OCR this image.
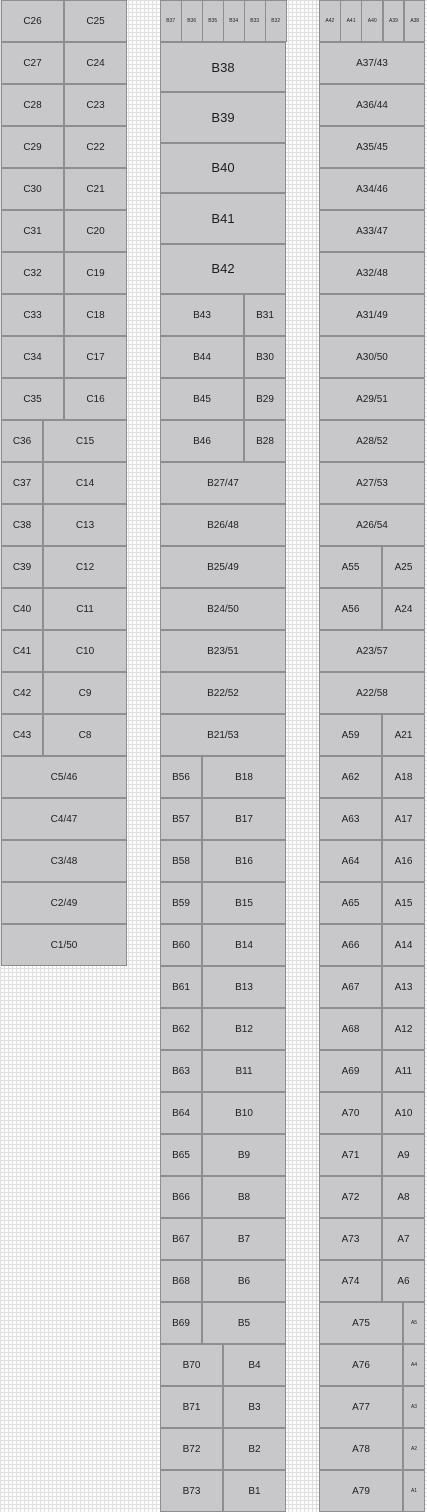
C26	C25
C27	C24
C28	C23
C29	C22
C30	C21
C31	C20
C32	C19
C33	C18
C34	C17
C35	C16
C36	C15
C37	C14
C38	C13
C39	C12
C40	C11
C41	C10
C42	C9
C43	C8
C5/46
C4/47
C3/48
C2/49
C1/50
B37	B36	B35	B34	B33	B32
B38
B39
B40
B41
B42
B43	B31
B44	B30
B45	B29
B46	B28
B27/47
B26/48
B25/49
B24/50
B23/51
B22/52
B21/53
B56	B18
B57	B17
B58	B16
B59	B15
B60	B14
B61	B13
B62	B12
B63	B11
B64	B10
B65	B9
B66	B8
B67	B7
B68	B6
B69	B5
B70	B4
B71	B3
B72	B2
B73	B1
A42	A41	A40	A39	A38
A37/43
A36/44
A35/45
A34/46
A33/47
A32/48
A31/49
A30/50
A29/51
A28/52
A27/53
A26/54
A55	A25
A56	A24
A23/57
A22/58
A59	A21
A62	A18
A63	A17
A64	A16
A65	A15
A66	A14
A67	A13
A68	A12
A69	A11
A70	A10
A71	A9
A72	A8
A73	A7
A74	A6
A75	A5
A76	A4
A77	A3
A78	A2
A79	A1
